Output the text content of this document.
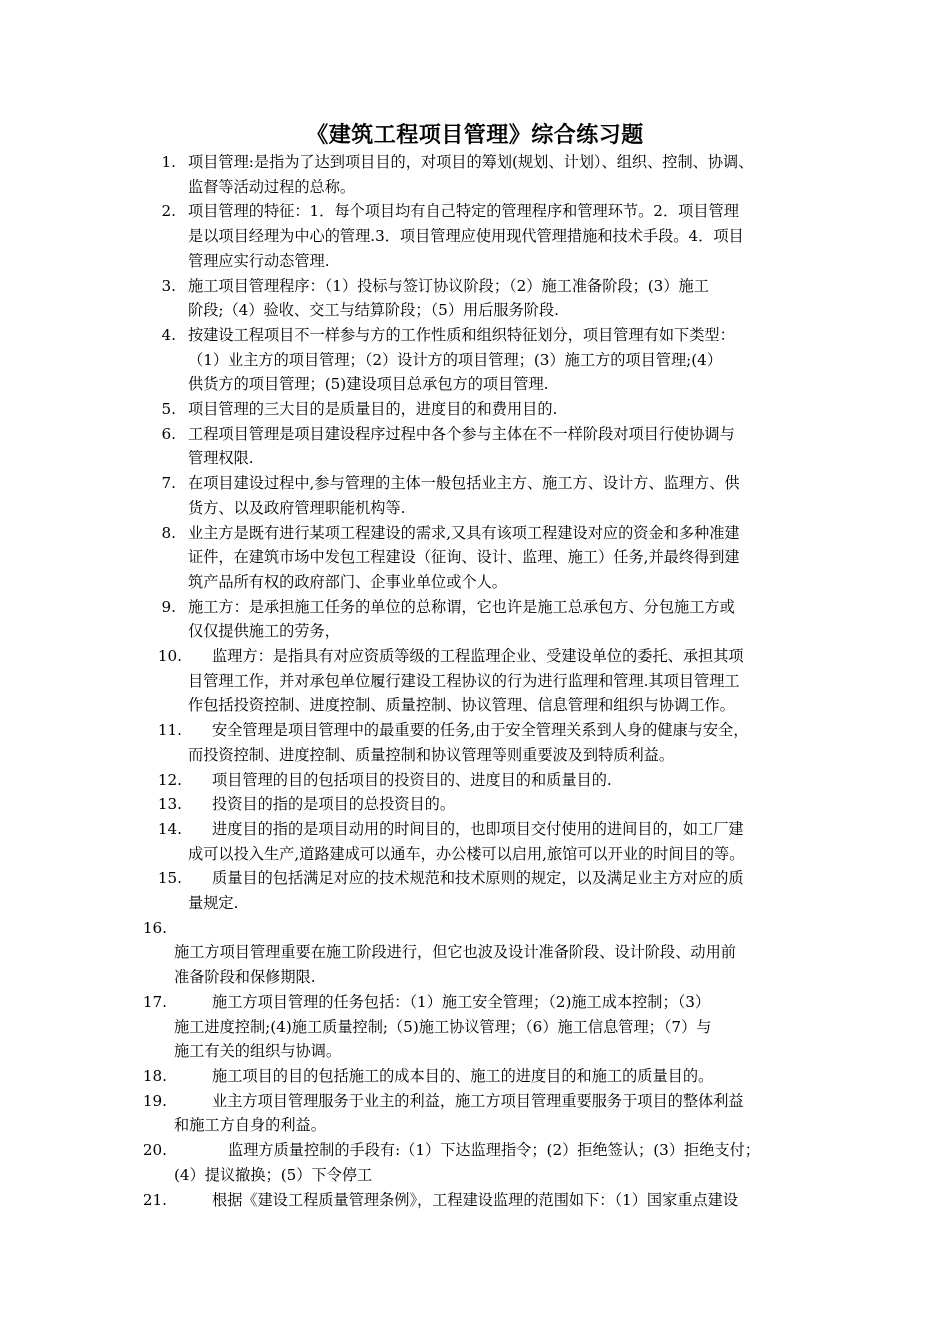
《建筑工程项目管理》综合练习题
1. 项目管理:是指为了达到项目目的，对项目的筹划(规划、计划）、组织、控制、协调、
监督等活动过程的总称。
2. 项目管理的特征：1．每个项目均有自己特定的管理程序和管理环节。2．项目管理
是以项目经理为中心的管理.3．项目管理应使用现代管理措施和技术手段。4．项目
管理应实行动态管理.
3. 施工项目管理程序：（1）投标与签订协议阶段；（2）施工准备阶段；(3）施工
阶段;（4）验收、交工与结算阶段；（5）用后服务阶段.
4. 按建设工程项目不一样参与方的工作性质和组织特征划分，项目管理有如下类型：
（1）业主方的项目管理；（2）设计方的项目管理；(3）施工方的项目管理;(4）
供货方的项目管理；(5)建设项目总承包方的项目管理.
5. 项目管理的三大目的是质量目的，进度目的和费用目的.
6. 工程项目管理是项目建设程序过程中各个参与主体在不一样阶段对项目行使协调与
管理权限.
7. 在项目建设过程中,参与管理的主体一般包括业主方、施工方、设计方、监理方、供
货方、以及政府管理职能机构等.
8. 业主方是既有进行某项工程建设的需求,又具有该项工程建设对应的资金和多种准建
证件，在建筑市场中发包工程建设（征询、设计、监理、施工）任务,并最终得到建
筑产品所有权的政府部门、企事业单位或个人。
9. 施工方：是承担施工任务的单位的总称谓，它也许是施工总承包方、分包施工方或
仅仅提供施工的劳务，
10.	监理方：是指具有对应资质等级的工程监理企业、受建设单位的委托、承担其项
目管理工作，并对承包单位履行建设工程协议的行为进行监理和管理.其项目管理工
作包括投资控制、进度控制、质量控制、协议管理、信息管理和组织与协调工作。
11.	安全管理是项目管理中的最重要的任务,由于安全管理关系到人身的健康与安全，
而投资控制、进度控制、质量控制和协议管理等则重要波及到特质利益。
12.	项目管理的目的包括项目的投资目的、进度目的和质量目的.
13.	投资目的指的是项目的总投资目的。
14.	进度目的指的是项目动用的时间目的，也即项目交付使用的进间目的，如工厂建
成可以投入生产,道路建成可以通车，办公楼可以启用,旅馆可以开业的时间目的等。
15.	质量目的包括满足对应的技术规范和技术原则的规定，以及满足业主方对应的质
量规定.
16.
施工方项目管理重要在施工阶段进行，但它也波及设计准备阶段、设计阶段、动用前
准备阶段和保修期限.
17.	施工方项目管理的任务包括：（1）施工安全管理；（2)施工成本控制；（3）
施工进度控制;(4)施工质量控制;（5)施工协议管理；（6）施工信息管理；（7）与
施工有关的组织与协调。
18.	施工项目的目的包括施工的成本目的、施工的进度目的和施工的质量目的。
19.	业主方项目管理服务于业主的利益，施工方项目管理重要服务于项目的整体利益
和施工方自身的利益。
20.	监理方质量控制的手段有:（1）下达监理指令；(2）拒绝签认；(3）拒绝支付；
(4）提议撤换；(5）下令停工
21.	根据《建设工程质量管理条例》，工程建设监理的范围如下：（1）国家重点建设
